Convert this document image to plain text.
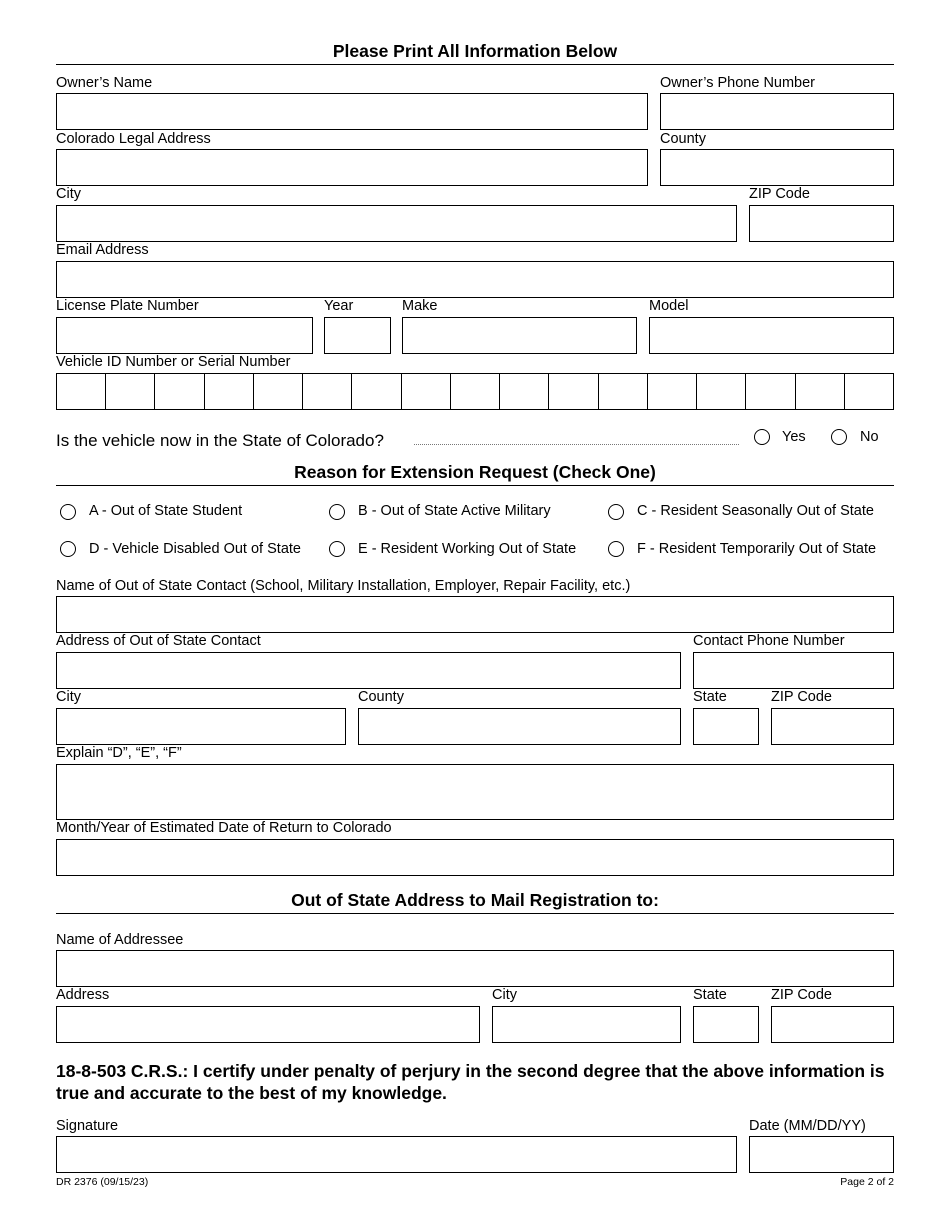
Please Print All Information Below
Owner’s Name	Owner’s Phone Number
Colorado Legal Address	County
City	ZIP Code
Email Address
License Plate Number	Year	Make	Model
Vehicle ID Number or Serial Number
Is the vehicle now in the State of Colorado?	Yes	No
Reason for Extension Request (Check One)
A - Out of State Student	B - Out of State Active Military	C - Resident Seasonally Out of State
D - Vehicle Disabled Out of State	E - Resident Working Out of State	F - Resident Temporarily Out of State
Name of Out of State Contact (School, Military Installation, Employer, Repair Facility, etc.)
Address of Out of State Contact	Contact Phone Number
City	County	State	ZIP Code
Explain “D”, “E”, “F”
Month/Year of Estimated Date of Return to Colorado
Out of State Address to Mail Registration to:
Name of Addressee
Address	City	State	ZIP Code
18-8-503 C.R.S.: I certify under penalty of perjury in the second degree that the above information is true and accurate to the best of my knowledge.
Signature	Date (MM/DD/YY)
DR 2376 (09/15/23)	Page 2 of 2
